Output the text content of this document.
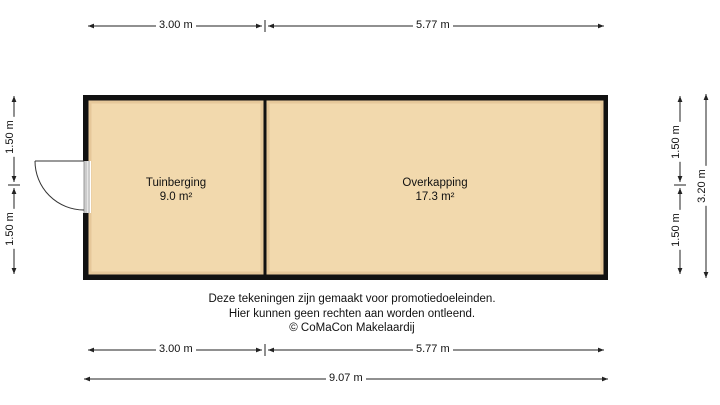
3.00 m	5.77 m
3.00 m	5.77 m
9.07 m
1.50 m
1.50 m
1.50 m
1.50 m
3.20 m
Tuinberging
9.0 m²
Overkapping
17.3 m²
Deze tekeningen zijn gemaakt voor promotiedoeleinden.
Hier kunnen geen rechten aan worden ontleend.
© CoMaCon Makelaardij
